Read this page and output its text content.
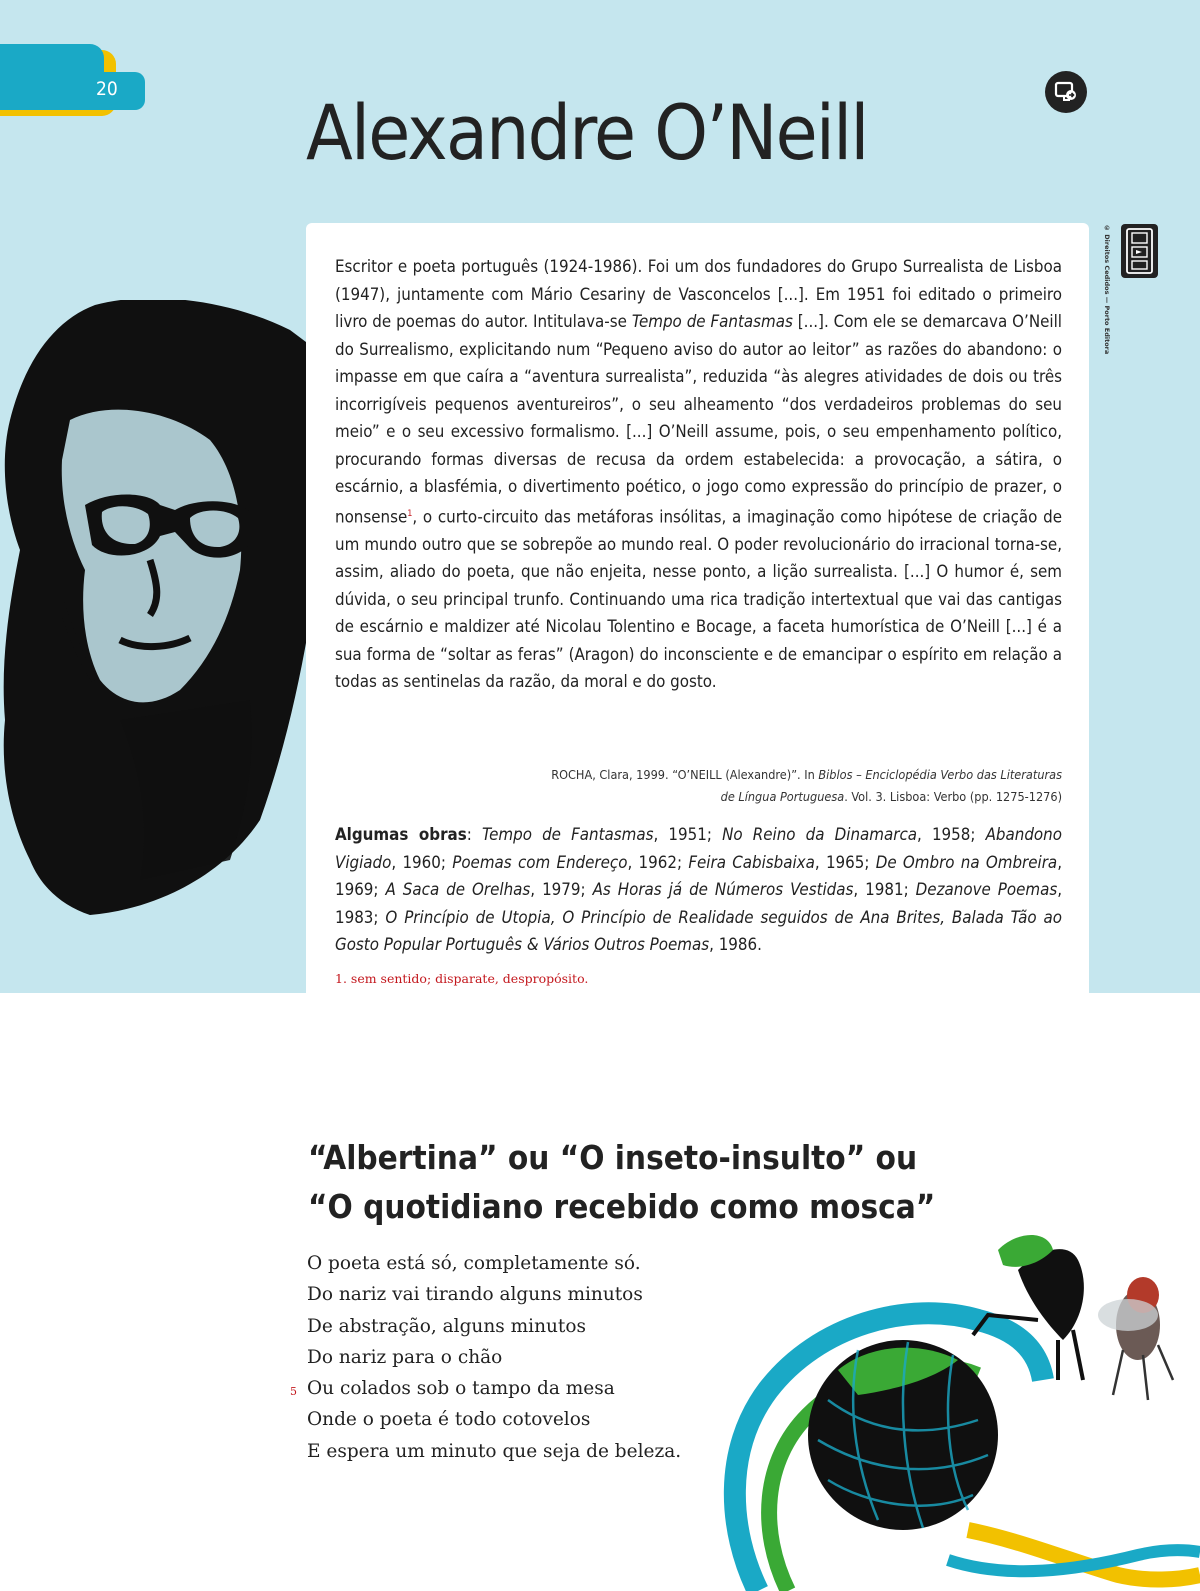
20 Alexandre O’Neill
© Direitos Cedidos — Porto Editora

Escritor e poeta português (1924-1986). Foi um dos fundadores do Grupo Surrealista de Lisboa (1947), juntamente com Mário Cesariny de Vasconcelos [...]. Em 1951 foi editado o primeiro livro de poemas do autor. Intitulava-se Tempo de Fantasmas [...]. Com ele se demarcava O’Neill do Surrealismo, explicitando num “Pequeno aviso do autor ao leitor” as razões do abandono: o impasse em que caíra a “aventura surrealista”, reduzida “às alegres atividades de dois ou três incorrigíveis pequenos aventureiros”, o seu alheamento “dos verdadeiros problemas do seu meio” e o seu excessivo formalismo. [...] O’Neill assume, pois, o seu empenhamento político, procurando formas diversas de recusa da ordem estabelecida: a provocação, a sátira, o escárnio, a blasfémia, o divertimento poético, o jogo como expressão do princípio de prazer, o nonsense$^1$, o curto-circuito das metáforas insólitas, a imaginação como hipótese de criação de um mundo outro que se sobrepõe ao mundo real. O poder revolucionário do irracional torna-se, assim, aliado do poeta, que não enjeita, nesse ponto, a lição surrealista. [...] O humor é, sem dúvida, o seu principal trunfo. Continuando uma rica tradição intertextual que vai das cantigas de escárnio e maldizer até Nicolau Tolentino e Bocage, a faceta humorística de O’Neill [...] é a sua forma de “soltar as feras” (Aragon) do inconsciente e de emancipar o espírito em relação a todas as sentinelas da razão, da moral e do gosto.

ROCHA, Clara, 1999. “O’NEILL (Alexandre)”. In Biblos – Enciclopédia Verbo das Literaturas
de Língua Portuguesa. Vol. 3. Lisboa: Verbo (pp. 1275-1276)

Algumas obras: Tempo de Fantasmas, 1951; No Reino da Dinamarca, 1958; Abandono Vigiado, 1960; Poemas com Endereço, 1962; Feira Cabisbaixa, 1965; De Ombro na Ombreira, 1969; A Saca de Orelhas, 1979; As Horas já de Números Vestidas, 1981; Dezanove Poemas, 1983; O Princípio de Utopia, O Princípio de Realidade seguidos de Ana Brites, Balada Tão ao Gosto Popular Português & Vários Outros Poemas, 1986.

1. sem sentido; disparate, despropósito.
“Albertina” ou “O inseto-insulto” ou
“O quotidiano recebido como mosca”
O poeta está só, completamente só.
Do nariz vai tirando alguns minutos
De abstração, alguns minutos
Do nariz para o chão
5 Ou colados sob o tampo da mesa
Onde o poeta é todo cotovelos
E espera um minuto que seja de beleza.
